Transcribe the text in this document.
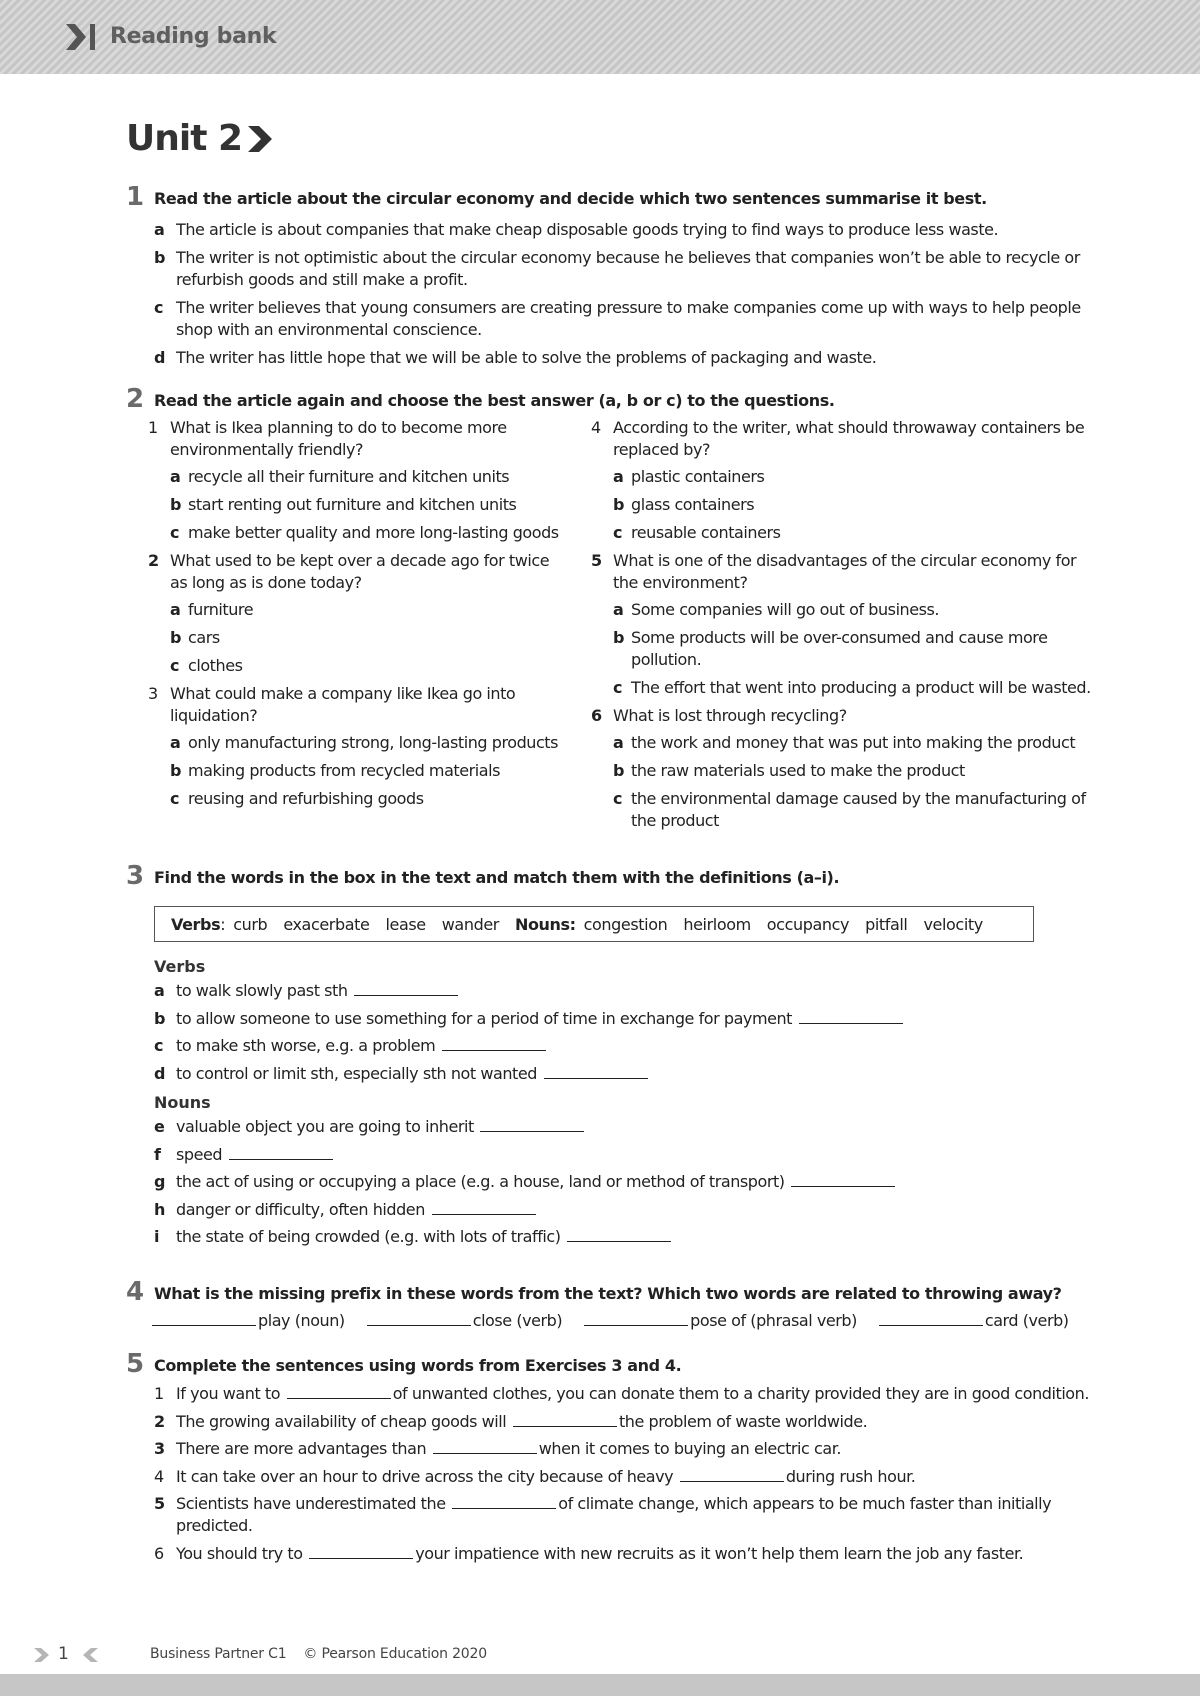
Reading bank
Unit 2
1 Read the article about the circular economy and decide which two sentences summarise it best.
a The article is about companies that make cheap disposable goods trying to find ways to produce less waste.
b The writer is not optimistic about the circular economy because he believes that companies won’t be able to recycle or refurbish goods and still make a profit.
c The writer believes that young consumers are creating pressure to make companies come up with ways to help people shop with an environmental conscience.
d The writer has little hope that we will be able to solve the problems of packaging and waste.
2 Read the article again and choose the best answer (a, b or c) to the questions.
1 What is Ikea planning to do to become more environmentally friendly?
a recycle all their furniture and kitchen units
b start renting out furniture and kitchen units
c make better quality and more long-lasting goods
2 What used to be kept over a decade ago for twice as long as is done today?
a furniture
b cars
c clothes
3 What could make a company like Ikea go into liquidation?
a only manufacturing strong, long-lasting products
b making products from recycled materials
c reusing and refurbishing goods
4 According to the writer, what should throwaway containers be replaced by?
a plastic containers
b glass containers
c reusable containers
5 What is one of the disadvantages of the circular economy for the environment?
a Some companies will go out of business.
b Some products will be over-consumed and cause more pollution.
c The effort that went into producing a product will be wasted.
6 What is lost through recycling?
a the work and money that was put into making the product
b the raw materials used to make the product
c the environmental damage caused by the manufacturing of the product
3 Find the words in the box in the text and match them with the definitions (a–i).
Verbs: curb exacerbate lease wander Nouns: congestion heirloom occupancy pitfall velocity
Verbs
a to walk slowly past sth
b to allow someone to use something for a period of time in exchange for payment
c to make sth worse, e.g. a problem
d to control or limit sth, especially sth not wanted
Nouns
e valuable object you are going to inherit
f speed
g the act of using or occupying a place (e.g. a house, land or method of transport)
h danger or difficulty, often hidden
i the state of being crowded (e.g. with lots of traffic)
4 What is the missing prefix in these words from the text? Which two words are related to throwing away?
play (noun)	close (verb)	pose of (phrasal verb)	card (verb)
5 Complete the sentences using words from Exercises 3 and 4.
1 If you want to	of unwanted clothes, you can donate them to a charity provided they are in good condition.
2 The growing availability of cheap goods will	the problem of waste worldwide.
3 There are more advantages than	when it comes to buying an electric car.
4 It can take over an hour to drive across the city because of heavy	during rush hour.
5 Scientists have underestimated the	of climate change, which appears to be much faster than initially predicted.
6 You should try to	your impatience with new recruits as it won’t help them learn the job any faster.
1	Business Partner C1    © Pearson Education 2020
